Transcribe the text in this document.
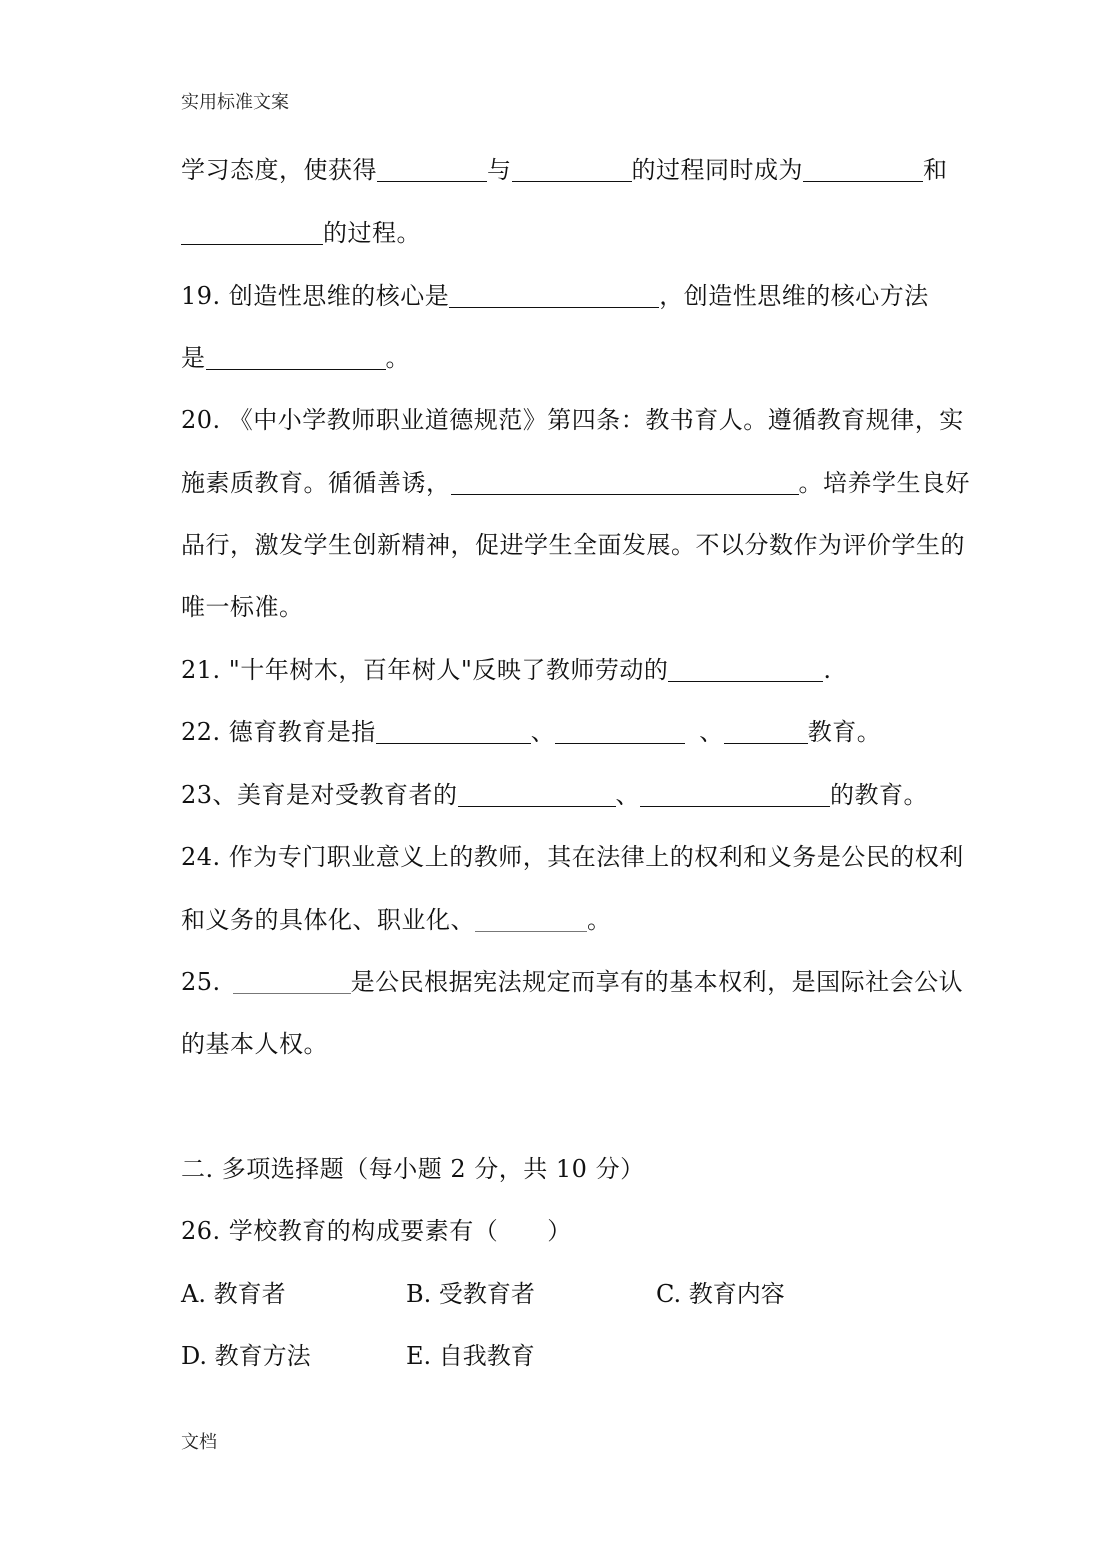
实用标准文案
学习态度，使获得	与	的过程同时成为	和
的过程。
19. 创造性思维的核心是	，创造性思维的核心方法
是	。
20. 《中小学教师职业道德规范》第四条：教书育人。遵循教育规律，实
施素质教育。循循善诱，	。培养学生良好
品行，激发学生创新精神，促进学生全面发展。不以分数作为评价学生的
唯一标准。
21. "十年树木，百年树人"反映了教师劳动的	.
22. 德育教育是指	、	、	教育。
23、美育是对受教育者的	、	的教育。
24. 作为专门职业意义上的教师，其在法律上的权利和义务是公民的权利
和义务的具体化、职业化、	。
25.	是公民根据宪法规定而享有的基本权利，是国际社会公认
的基本人权。
二. 多项选择题（每小题 2 分，共 10 分）
26. 学校教育的构成要素有（　　）
A. 教育者	B. 受教育者	C. 教育内容
D. 教育方法	E. 自我教育
文档
